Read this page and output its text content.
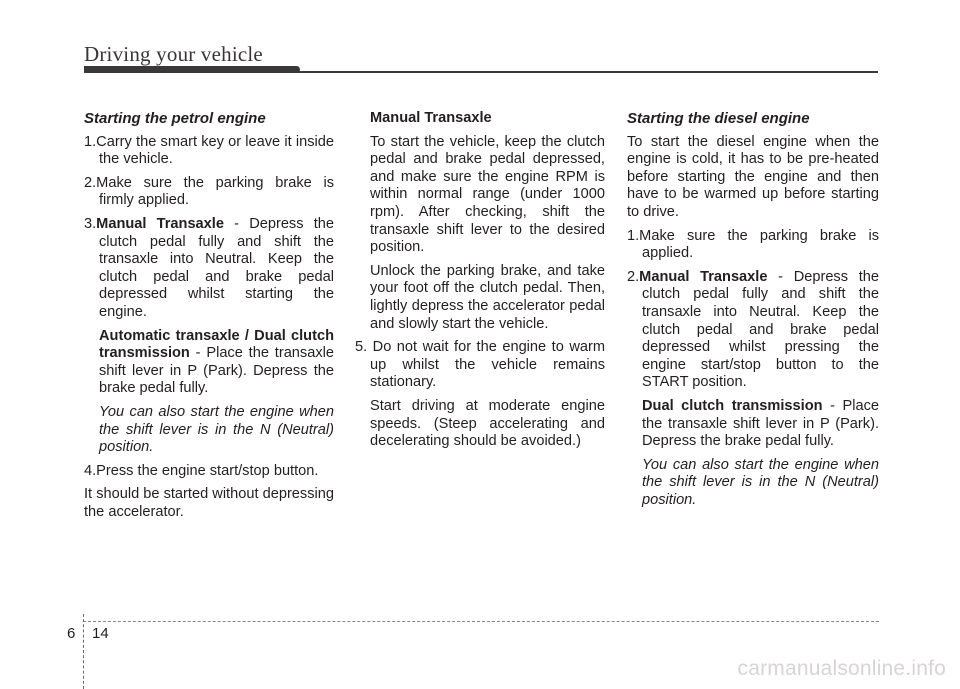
Driving your vehicle

Starting the petrol engine

1.Carry the smart key or leave it inside the vehicle.

2.Make sure the parking brake is firmly applied.

3.Manual Transaxle - Depress the clutch pedal fully and shift the transaxle into Neutral. Keep the clutch pedal and brake pedal depressed whilst starting the engine.

Automatic transaxle / Dual clutch transmission - Place the transaxle shift lever in P (Park). Depress the brake pedal fully.

You can also start the engine when the shift lever is in the N (Neutral) position.

4.Press the engine start/stop button.

It should be started without depressing the accelerator.

Manual Transaxle

To start the vehicle, keep the clutch pedal and brake pedal depressed, and make sure the engine RPM is within normal range (under 1000 rpm). After checking, shift the transaxle shift lever to the desired position.

Unlock the parking brake, and take your foot off the clutch pedal. Then, lightly depress the accelerator pedal and slowly start the vehicle.

5. Do not wait for the engine to warm up whilst the vehicle remains stationary.

Start driving at moderate engine speeds. (Steep accelerating and decelerating should be avoided.)

Starting the diesel engine

To start the diesel engine when the engine is cold, it has to be pre-heated before starting the engine and then have to be warmed up before starting to drive.

1.Make sure the parking brake is applied.

2.Manual Transaxle - Depress the clutch pedal fully and shift the transaxle into Neutral. Keep the clutch pedal and brake pedal depressed whilst pressing the engine start/stop button to the START position.

Dual clutch transmission - Place the transaxle shift lever in P (Park). Depress the brake pedal fully.

You can also start the engine when the shift lever is in the N (Neutral) position.

6 14
carmanualsonline.info
